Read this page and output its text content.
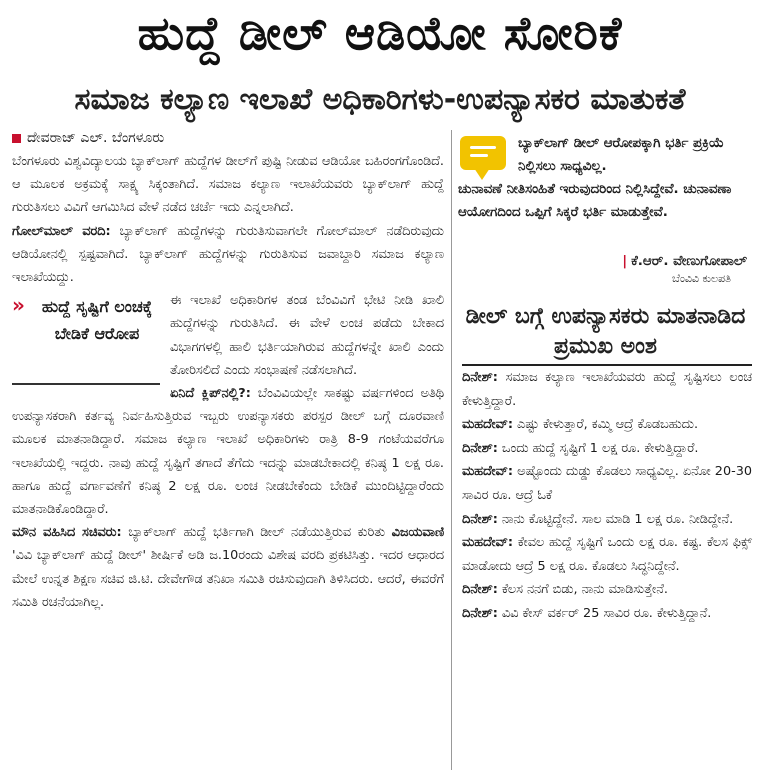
ಹುದ್ದೆ ಡೀಲ್ ಆಡಿಯೋ ಸೋರಿಕೆ
ಸಮಾಜ ಕಲ್ಯಾಣ ಇಲಾಖೆ ಅಧಿಕಾರಿಗಳು-ಉಪನ್ಯಾಸಕರ ಮಾತುಕತೆ
ದೇವರಾಜ್ ಎಲ್. ಬೆಂಗಳೂರು

ಬೆಂಗಳೂರು ವಿಶ್ವವಿದ್ಯಾಲಯ ಬ್ಯಾಕ್‌ಲಾಗ್ ಹುದ್ದೆಗಳ ಡೀಲ್‌ಗೆ ಪುಷ್ಟಿ ನೀಡುವ ಆಡಿಯೋ ಬಹಿರಂಗಗೊಂಡಿದೆ. ಆ ಮೂಲಕ ಅಕ್ರಮಕ್ಕೆ ಸಾಕ್ಷ್ಯ ಸಿಕ್ಕಂತಾಗಿದೆ. ಸಮಾಜ ಕಲ್ಯಾಣ ಇಲಾಖೆಯವರು ಬ್ಯಾಕ್‌ಲಾಗ್ ಹುದ್ದೆ ಗುರುತಿಸಲು ವಿವಿಗೆ ಆಗಮಿಸಿದ ವೇಳೆ ನಡೆದ ಚರ್ಚೆ ಇದು ಎನ್ನಲಾಗಿದೆ.

ಗೋಲ್‌ಮಾಲ್ ವರದಿ: ಬ್ಯಾಕ್‌ಲಾಗ್ ಹುದ್ದೆಗಳನ್ನು ಗುರುತಿಸುವಾಗಲೇ ಗೋಲ್‌ಮಾಲ್ ನಡೆದಿರುವುದು ಆಡಿಯೋನಲ್ಲಿ ಸ್ಪಷ್ಟವಾಗಿದೆ. ಬ್ಯಾಕ್‌ಲಾಗ್ ಹುದ್ದೆಗಳನ್ನು ಗುರುತಿಸುವ ಜವಾಬ್ದಾರಿ ಸಮಾಜ ಕಲ್ಯಾಣ ಇಲಾಖೆಯದ್ದು.

»	ಹುದ್ದೆ ಸೃಷ್ಟಿಗೆ ಲಂಚಕ್ಕೆ ಬೇಡಿಕೆ ಆರೋಪ

ಈ ಇಲಾಖೆ ಅಧಿಕಾರಿಗಳ ತಂಡ ಬೆಂವಿವಿಗೆ ಭೇಟಿ ನೀಡಿ ಖಾಲಿ ಹುದ್ದೆಗಳನ್ನು ಗುರುತಿಸಿದೆ. ಈ ವೇಳೆ ಲಂಚ ಪಡೆದು ಬೇಕಾದ ವಿಭಾಗಗಳಲ್ಲಿ ಹಾಲಿ ಭರ್ತಿಯಾಗಿರುವ ಹುದ್ದೆಗಳನ್ನೇ ಖಾಲಿ ಎಂದು ತೋರಿಸಲಿದೆ ಎಂದು ಸಂಭಾಷಣೆ ನಡೆಸಲಾಗಿದೆ.

ಏನಿದೆ ಕ್ಲಿಪ್‌ನಲ್ಲಿ?: ಬೆಂವಿವಿಯಲ್ಲೇ ಸಾಕಷ್ಟು ವರ್ಷಗಳಿಂದ ಅತಿಥಿ ಉಪನ್ಯಾಸಕರಾಗಿ ಕರ್ತವ್ಯ ನಿರ್ವಹಿಸುತ್ತಿರುವ ಇಬ್ಬರು ಉಪನ್ಯಾಸಕರು ಪರಸ್ಪರ ಡೀಲ್ ಬಗ್ಗೆ ದೂರವಾಣಿ ಮೂಲಕ ಮಾತನಾಡಿದ್ದಾರೆ. ಸಮಾಜ ಕಲ್ಯಾಣ ಇಲಾಖೆ ಅಧಿಕಾರಿಗಳು ರಾತ್ರಿ 8-9 ಗಂಟೆಯವರೆಗೂ ಇಲಾಖೆಯಲ್ಲಿ ಇದ್ದರು. ನಾವು ಹುದ್ದೆ ಸೃಷ್ಟಿಗೆ ತಗಾದೆ ತೆಗೆದು ಇದನ್ನು ಮಾಡಬೇಕಾದಲ್ಲಿ ಕನಿಷ್ಠ 1 ಲಕ್ಷ ರೂ. ಹಾಗೂ ಹುದ್ದೆ ವರ್ಗಾವಣೆಗೆ ಕನಿಷ್ಠ 2 ಲಕ್ಷ ರೂ. ಲಂಚ ನೀಡಬೇಕೆಂದು ಬೇಡಿಕೆ ಮುಂದಿಟ್ಟಿದ್ದಾರೆಂದು ಮಾತನಾಡಿಕೊಂಡಿದ್ದಾರೆ.

ಮೌನ ವಹಿಸಿದ ಸಚಿವರು: ಬ್ಯಾಕ್‌ಲಾಗ್ ಹುದ್ದೆ ಭರ್ತಿಗಾಗಿ ಡೀಲ್ ನಡೆಯುತ್ತಿರುವ ಕುರಿತು ವಿಜಯವಾಣಿ 'ವಿವಿ ಬ್ಯಾಕ್‌ಲಾಗ್ ಹುದ್ದೆ ಡೀಲ್' ಶೀರ್ಷಿಕೆ ಅಡಿ ಜ.10ರಂದು ವಿಶೇಷ ವರದಿ ಪ್ರಕಟಿಸಿತ್ತು. ಇದರ ಆಧಾರದ ಮೇಲೆ ಉನ್ನತ ಶಿಕ್ಷಣ ಸಚಿವ ಜಿ.ಟಿ. ದೇವೇಗೌಡ ತನಿಖಾ ಸಮಿತಿ ರಚಿಸುವುದಾಗಿ ತಿಳಿಸಿದರು. ಆದರೆ, ಈವರೆಗೆ ಸಮಿತಿ ರಚನೆಯಾಗಿಲ್ಲ.

ಬ್ಯಾಕ್‌ಲಾಗ್ ಡೀಲ್ ಆರೋಪಕ್ಕಾಗಿ ಭರ್ತಿ ಪ್ರಕ್ರಿಯೆ ನಿಲ್ಲಿಸಲು ಸಾಧ್ಯವಿಲ್ಲ.
ಚುನಾವಣೆ ನೀತಿಸಂಹಿತೆ ಇರುವುದರಿಂದ ನಿಲ್ಲಿಸಿದ್ದೇವೆ. ಚುನಾವಣಾ ಆಯೋಗದಿಂದ ಒಪ್ಪಿಗೆ ಸಿಕ್ಕರೆ ಭರ್ತಿ ಮಾಡುತ್ತೇವೆ.
| ಕೆ.ಆರ್. ವೇಣುಗೋಪಾಲ್
ಬೆಂವಿವಿ ಕುಲಪತಿ
ಡೀಲ್ ಬಗ್ಗೆ ಉಪನ್ಯಾಸಕರು ಮಾತನಾಡಿದ ಪ್ರಮುಖ ಅಂಶ

ದಿನೇಶ್: ಸಮಾಜ ಕಲ್ಯಾಣ ಇಲಾಖೆಯವರು ಹುದ್ದೆ ಸೃಷ್ಟಿಸಲು ಲಂಚ ಕೇಳುತ್ತಿದ್ದಾರೆ.

ಮಹದೇವ್: ಎಷ್ಟು ಕೇಳುತ್ತಾರೆ, ಕಮ್ಮಿ ಆದ್ರೆ ಕೊಡಬಹುದು.

ದಿನೇಶ್: ಒಂದು ಹುದ್ದೆ ಸೃಷ್ಟಿಗೆ 1 ಲಕ್ಷ ರೂ. ಕೇಳುತ್ತಿದ್ದಾರೆ.

ಮಹದೇವ್: ಅಷ್ಟೊಂದು ದುಡ್ಡು ಕೊಡಲು ಸಾಧ್ಯವಿಲ್ಲ. ಏನೋ 20-30 ಸಾವಿರ ರೂ. ಆದ್ರೆ ಓಕೆ

ದಿನೇಶ್: ನಾನು ಕೊಟ್ಟಿದ್ದೇನೆ. ಸಾಲ ಮಾಡಿ 1 ಲಕ್ಷ ರೂ. ನೀಡಿದ್ದೇನೆ.

ಮಹದೇವ್: ಕೇವಲ ಹುದ್ದೆ ಸೃಷ್ಟಿಗೆ ಒಂದು ಲಕ್ಷ ರೂ. ಕಷ್ಟ. ಕೆಲಸ ಫಿಕ್ಸ್ ಮಾಡೋದು ಆದ್ರೆ 5 ಲಕ್ಷ ರೂ. ಕೊಡಲು ಸಿದ್ಧನಿದ್ದೇನೆ.

ದಿನೇಶ್: ಕೆಲಸ ನನಗೆ ಬಿಡು, ನಾನು ಮಾಡಿಸುತ್ತೇನೆ.

ದಿನೇಶ್: ವಿವಿ ಕೇಸ್ ವರ್ಕರ್ 25 ಸಾವಿರ ರೂ. ಕೇಳುತ್ತಿದ್ದಾನೆ.
